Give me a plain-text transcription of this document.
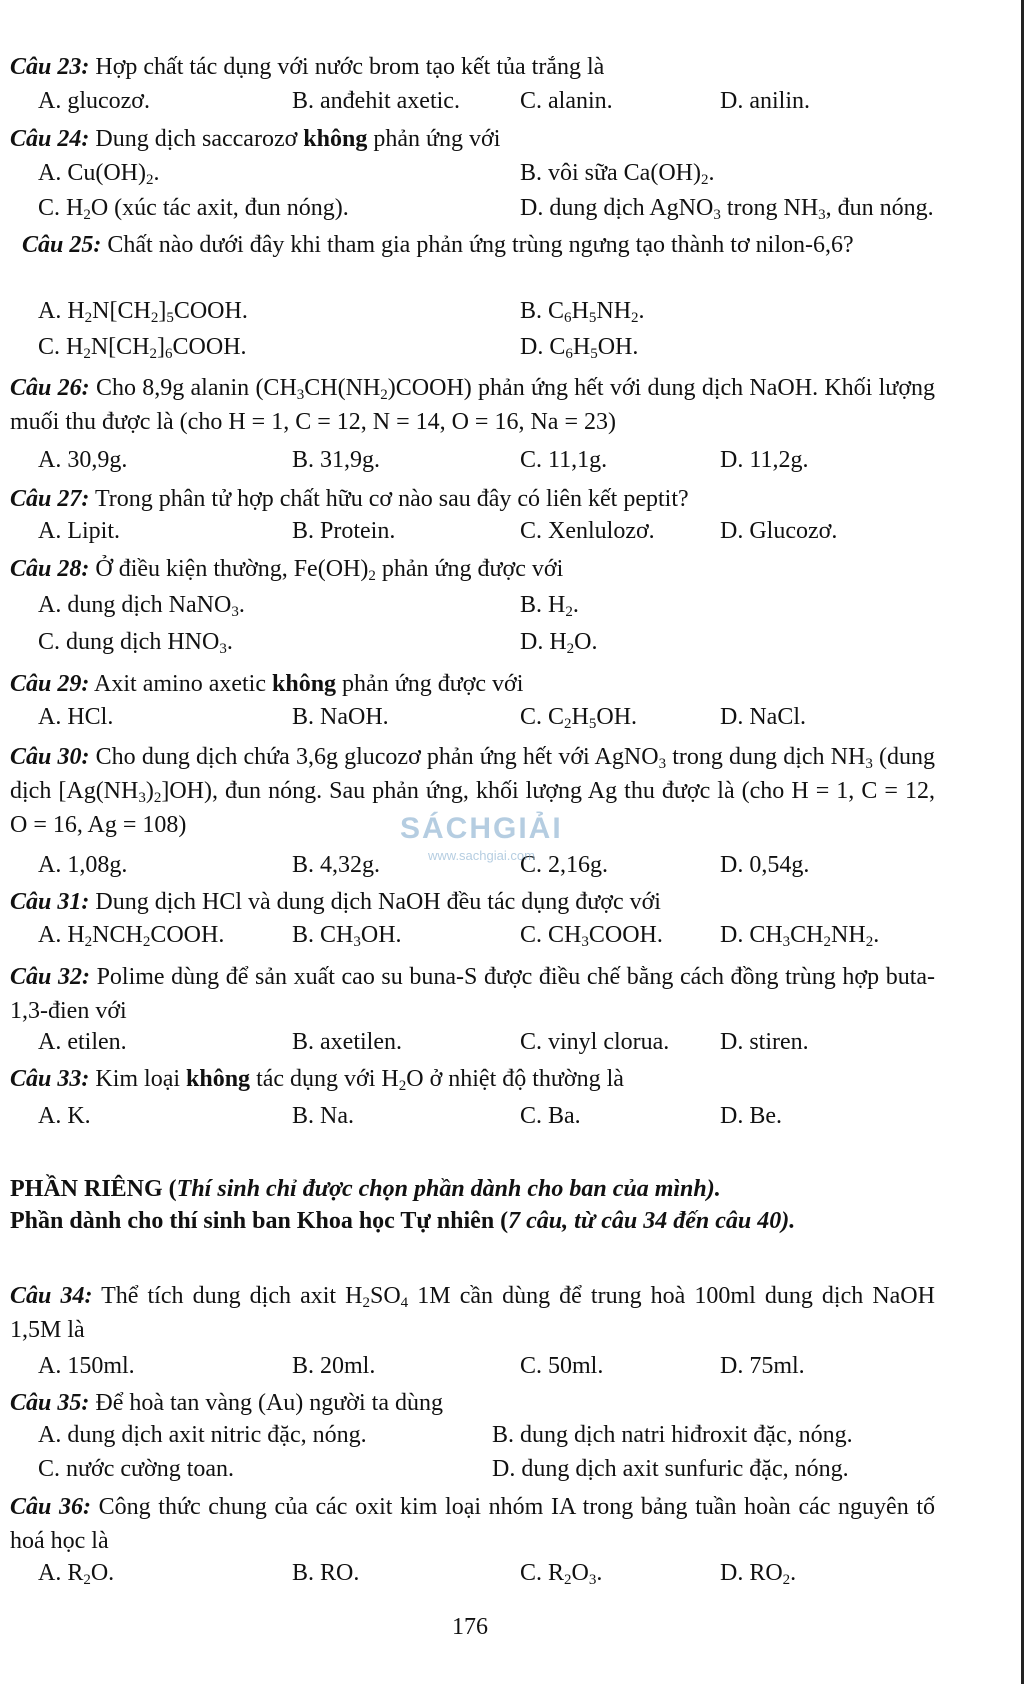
Câu 23: Hợp chất tác dụng với nước brom tạo kết tủa trắng là
A. glucozơ.	B. anđehit axetic.	C. alanin.	D. anilin.
Câu 24: Dung dịch saccarozơ không phản ứng với
A. $Cu(OH)_2$.	B. vôi sữa $Ca(OH)_2$.
C. $H_2O$ (xúc tác axit, đun nóng).	D. dung dịch AgNO$_3$ trong $NH_3$, đun nóng.
Câu 25: Chất nào dưới đây khi tham gia phản ứng trùng ngưng tạo thành tơ nilon-6,6?
A. $H_2N[CH_2]_5COOH$.	B. $C_6H_5NH_2$.
C. $H_2N[CH_2]_6COOH$.	D. $C_6H_5OH$.
Câu 26: Cho 8,9g alanin $(CH_3CH(NH_2)COOH)$ phản ứng hết với dung dịch NaOH. Khối lượng muối thu được là (cho H = 1, C = 12, N = 14, O = 16, Na = 23)
A. 30,9g.	B. 31,9g.	C. 11,1g.	D. 11,2g.
Câu 27: Trong phân tử hợp chất hữu cơ nào sau đây có liên kết peptit?
A. Lipit.	B. Protein.	C. Xenlulozơ.	D. Glucozơ.
Câu 28: Ở điều kiện thường, $Fe(OH)_2$ phản ứng được với
A. dung dịch NaNO$_3$.	B. $H_2$.
C. dung dịch $HNO_3$.	D. $H_2O$.
Câu 29: Axit amino axetic không phản ứng được với
A. HCl.	B. NaOH.	C. $C_2H_5OH$.	D. NaCl.
Câu 30: Cho dung dịch chứa 3,6g glucozơ phản ứng hết với AgNO$_3$ trong dung dịch $NH_3$ (dung dịch $[Ag(NH_3)_2]OH$), đun nóng. Sau phản ứng, khối lượng Ag thu được là (cho H = 1, C = 12, O = 16, Ag = 108)
A. 1,08g.	B. 4,32g.	C. 2,16g.	D. 0,54g.
SÁCHGIẢI
www.sachgiai.com
Câu 31: Dung dịch HCl và dung dịch NaOH đều tác dụng được với
A. $H_2NCH_2COOH$.	B. $CH_3OH$.	C. $CH_3COOH$. D. $CH_3CH_2NH_2$.
Câu 32: Polime dùng để sản xuất cao su buna-S được điều chế bằng cách đồng trùng hợp buta-1,3-đien với
A. etilen.	B. axetilen.	C. vinyl clorua. D. stiren.
Câu 33: Kim loại không tác dụng với $H_2O$ ở nhiệt độ thường là
A. K.	B. Na.	C. Ba.	D. Be.
PHẦN RIÊNG (Thí sinh chỉ được chọn phần dành cho ban của mình).
Phần dành cho thí sinh ban Khoa học Tự nhiên (7 câu, từ câu 34 đến câu 40).
Câu 34: Thể tích dung dịch axit $H_2SO_4$ 1M cần dùng để trung hoà 100ml dung dịch NaOH 1,5M là
A. 150ml.	B. 20ml.	C. 50ml.	D. 75ml.
Câu 35: Để hoà tan vàng (Au) người ta dùng
A. dung dịch axit nitric đặc, nóng.	B. dung dịch natri hiđroxit đặc, nóng.
C. nước cường toan.	D. dung dịch axit sunfuric đặc, nóng.
Câu 36: Công thức chung của các oxit kim loại nhóm IA trong bảng tuần hoàn các nguyên tố hoá học là
A. $R_2O$.	B. RO.	C. $R_2O_3$.	D. $RO_2$.
176
